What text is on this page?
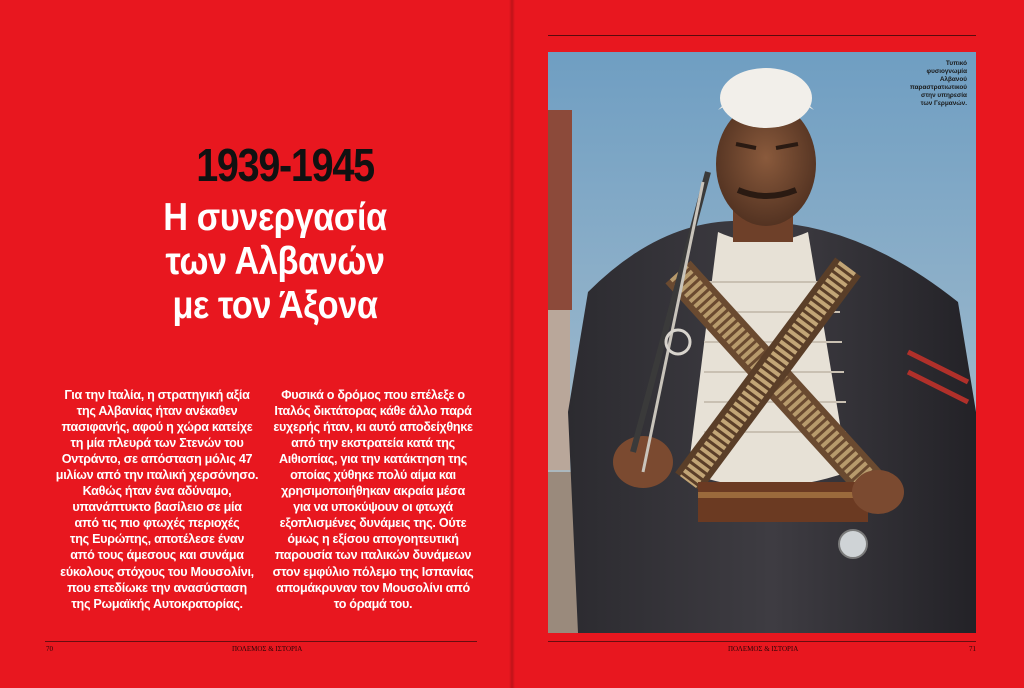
1939-1945
Η συνεργασία
των Αλβανών
με τον Άξονα
Για την Ιταλία, η στρατηγική αξία
της Αλβανίας ήταν ανέκαθεν
πασιφανής, αφού η χώρα κατείχε
τη μία πλευρά των Στενών του
Οντράντο, σε απόσταση μόλις 47
μιλίων από την ιταλική χερσόνησο.
Καθώς ήταν ένα αδύναμο,
υπανάπτυκτο βασίλειο σε μία
από τις πιο φτωχές περιοχές
της Ευρώπης, αποτέλεσε έναν
από τους άμεσους και συνάμα
εύκολους στόχους του Μουσολίνι,
που επεδίωκε την ανασύσταση
της Ρωμαϊκής Αυτοκρατορίας.
Φυσικά ο δρόμος που επέλεξε ο
Ιταλός δικτάτορας κάθε άλλο παρά
ευχερής ήταν, κι αυτό αποδείχθηκε
από την εκστρατεία κατά της
Αιθιοπίας, για την κατάκτηση της
οποίας χύθηκε πολύ αίμα και
χρησιμοποιήθηκαν ακραία μέσα
για να υποκύψουν οι φτωχά
εξοπλισμένες δυνάμεις της. Ούτε
όμως η εξίσου απογοητευτική
παρουσία των ιταλικών δυνάμεων
στον εμφύλιο πόλεμο της Ισπανίας
απομάκρυναν τον Μουσολίνι από
το όραμά του.
70	ΠΟΛΕΜΟΣ & ΙΣΤΟΡΙΑ
Τυπικό
φυσιογνωμία
Αλβανού
παραστρατιωτικού
στην υπηρεσία
των Γερμανών.
ΠΟΛΕΜΟΣ & ΙΣΤΟΡΙΑ	71
